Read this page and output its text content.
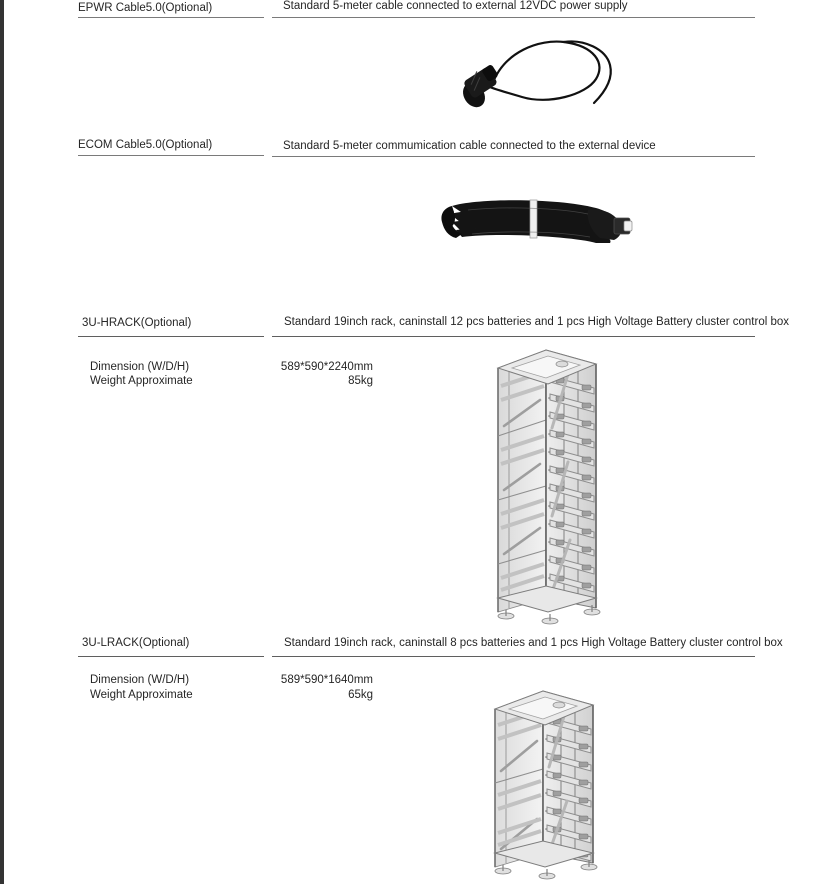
EPWR Cable5.0(Optional)	Standard 5-meter cable connected to external 12VDC power supply
ECOM Cable5.0(Optional)	Standard 5-meter commumication cable connected to the external device
3U-HRACK(Optional)	Standard 19inch rack, caninstall 12 pcs batteries and 1 pcs High Voltage Battery cluster control box
Dimension (W/D/H)	589*590*2240mm
Weight Approximate	85kg
3U-LRACK(Optional)	Standard 19inch rack, caninstall 8 pcs batteries and 1 pcs High Voltage Battery cluster control box
Dimension (W/D/H)	589*590*1640mm
Weight Approximate	65kg
